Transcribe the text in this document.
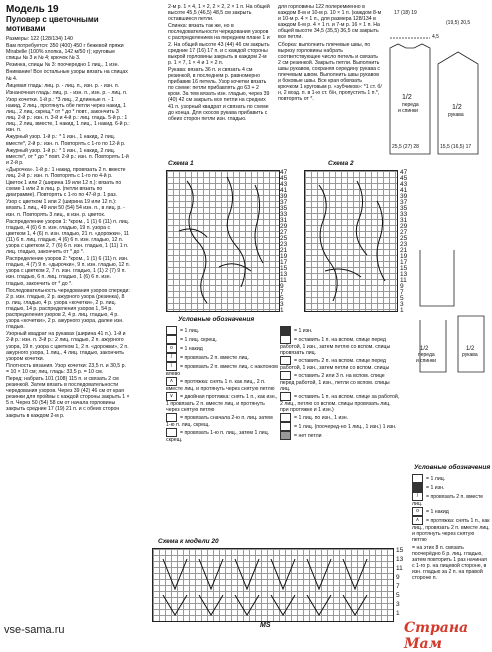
Модель 19
Пуловер с цветочными
мотивами

Размеры: 122 (128/134) 140

Вам потребуется: 350 (400) 450 г бежевой пряжи Mirabelle (100% хлопка, 142 м/50 г); круговые спицы № 3 и № 4; крючок № 3.

Резинка, спицы № 3: поочередно 1 лиц., 1 изн.

Внимание! Все остальные узоры вязать на спицах № 4.

Лицевая гладь: лиц. р. - лиц. п., изн. р. - изн. п.

Изнаночная гладь: лиц. р. - изн. п., изн. р. - лиц. п.

Узор кочетки. 1-й р.: *3 лиц., 2 длинные п. - 1 накид, 2 лиц., протянуть обе петли через накид, 1 лиц., 2 лиц. скрещ.* от * до * повт., закончить 3 лиц. 2-й р.: изн. п. 3-й и 4-й р.: лиц. гладь. 5-й р.: 1 лиц., 2 лиц. вместе, 1 накид, 1 лиц., 1 накид. 6-й р.: изн. п.

Ажурный узор. 1-й р.: * 1 изн., 1 накид, 2 лиц. вместе*, 2-й р.: изн. п. Повторять с 1-го по 12-й р.

Ажурный узор. 1-й р.: * 1 изн., 1 накид, 2 лиц. вместе*, от * до * повт. 2-й р.: изн. п. Повторять 1-й и 2-й р.

«Дырочка». 1-й р.: 1 накид, провязать 2 п. вместе лиц. 2-й р.: изн. п. Повторять с 1-го по 4-й р.

Цветок 1 или 2 (ширина 19 или 12 п.): вязать по схеме 1 или 2 в лиц. р. (петли вязать по диаграмме). Повторять с 1-го по 47-й р. 1 раз.

Узор с цветком 1 или 2 (ширина 19 или 12 п.): вязать 1 лиц., 49 или 50 (54) 54 изн. п., в лиц. р. - изн. п. Повторять 3 лиц., в изн. р. цветок.

Распределение узоров 1: *кром., 1 (1) 6 (11) п. лиц. гладью, 4 (6) 6 п. изн. гладью, 19 п. узора с цветком 1, 4 (6) п. изн. гладью, 21 п. «дорожки», 11 (11) 6 п. лиц. гладью, 4 (6) 6 п. изн. гладью, 12 п. узора с цветком 2, 7 (6) 6 п. изн. гладью, 1 (11) 1 п. лиц. гладью, закончить от * до *.

Распределение узоров 2: *кром., 1 (1) 6 (11) п. изн. гладью, 4 (7) 9 п. «дырочки», 9 п. изн. гладью, 12 п. узора с цветком 2, 7 п. изн. гладью, 1 (1) 2 (7) 9 п. изн. гладью, 6 п. лиц. гладью, 1 (6) 6 п. изн. гладью, закончить от * до *.

Последовательность чередования узоров спереди: 2 р. изн. гладью, 2 р. ажурного узора (резинка), 8 р. лиц. гладью, 4 р. узора «кочетки», 2 р. лиц. гладью, 14 р. распределения узоров 1, 54 р. распределения узоров 2, 4 р. лиц. гладью, 4 р. узора «кочетки», 2 р. ажурного узора, далее изн. гладью.

Узорный квадрат на рукавах (ширина 41 п.). 1-й и 2-й р.: изн. п. 3-й р.: 2 лиц. гладью, 2 п. ажурного узора, 19 п. узора с цветком 1, 2 п. «дорожки», 2 п. ажурного узора, 1 лиц., 4 лиц. гладью, закончить узором кочетки.

Плотность вязания. Узор кочетки: 23,5 п. и 30,5 р. = 10 × 10 см; лиц. гладь: 33,5 р. = 10 см.

Перед: набрать 101 (108) 115 п. и связать 2 см резинкой. Затем вязать в последовательности чередования узоров. Через 39 (42) 46 см от края резинки для проймы с каждой стороны закрыть 1 × 5 п. Через 50 (54) 58 см от начала горловины закрыть средние 17 (19) 21 п. и с обеих сторон закрыть в каждом 2-м р.

2-м р. 1 × 4, 1 × 2, 2 × 2, 2 × 1 п. На общей высоте 45,5 (46,5) 48,5 см закрыть оставшиеся петли.

Спинка: вязать так же, но в последовательности чередования узоров с распределением на переднем плане 1 и 2. На общей высоте 43 (44) 46 см закрыть средние 17 (16) 17 п. и с каждой стороны выкрой горловины закрыть в каждом 2-м р. 1 × 7, 1 × 4 и 1 × 2 п.

Рукава: вязать 36 п. и связать 4 см резинкой, в последнем р. равномерно прибавив 16 петель. Узор кочетки вязать по схеме: петли прибавлять до 63 + 2 кром. За тем вязать изн. гладью, через 39 (40) 42 см закрыть все петли на средних 41 п. узорный квадрат и связать по схеме до конца. Для скосов рукава прибавить с обеих сторон петли изн. гладью.

для горловины 122 полеремиенно в каждом 8-м и 10-м р. 10 × 1 п. (каждом 8-м и 10-м р. 4 × 1 п., для размера 128/134 в каждом 6-м р. 4 × 1 п. и 7-м р. 16 × 1 п. На общей высоте 34,5 (35,5) 36,5 см закрыть все петли.

Сборка: выполнить плечевые швы, по вырезу горловины набрать соответствующее число петель и связать 2 см резинкой. Закрыть петли. Выполнить швы рукавов, сохраняя середину рукава с плечевым швом. Выполнить швы рукавов и боковые швы. Все края обвязать крючком 1 круговым р. «зубчиков»: *1 ст. б/н, 2 возд. п. в 1-ю ст. б/н, пропустить 1 п.*, повторять от *.

17 (18) 19
(19,5) 20,5
4,5
1/2
переда
и спинки	1/2
рукава
25,5 (27) 28	15,5 (16,5) 17
Схема 1
47
45
43
41
39
37
35
33
31
29
27
25
23
21
19
17
15
13
11
9
7
5
3
1
Схема 2
47
45
43
41
39
37
35
33
31
29
27
25
23
21
19
17
15
13
11
9
7
5
3
1
1/2
переда
и спинки
1/2
рукава
Условные обозначения
= 1 лиц.
= 1 лиц. скрещ.
o = 1 накид
/ = провязать 2 п. вместе лиц.
\ = провязать 2 п. вместе лиц. с наклоном влево
∧ = протяжка: снять 1 п. как лиц., 2 п. вместе лиц. и протянуть через снятую петлю
∨ = двойная протяжка: снять 1 п., как изн., 1 провязать 2 п. вместе лиц. и протянуть через снятую петлю
= провязать сначала 2-ю п. лиц. затем 1-ю п. лиц. скрещ.
= провязать 1-ю п. лиц., затем 1 лиц. скрещ.
= 1 изн.
= оставить 1 п. на вспом. спице перед работой, 1 изн., затем петлю со вспом. спицы провязать лиц.
= оставить 2 п. на вспом. спице перед работой, 1 изн., затем петли со вспом. спицы
= оставить 2 или 3 п. на вспом. спице перед работой, 1 изн., петли со вспом. спицы лиц.
= оставить 1 п. на вспом. спице за работой, 2 лиц., петлю со вспом. спицы провязать лиц.
при протяжке и 1 изн.)
= 1 лиц. по изн., 1 изн.
= 1 лиц. (поочеред-но 1 лиц., 1 изн.) 1 изн.
= нет петли
Условные обозначения
= 1 лиц.
= 1 изн.
/ = провязать 2 п. вместе лиц.
o = 1 накид
∧ = протяжка: снять 1 п., как лиц., провязать 2 п. вместе лиц. и протянуть через снятую петлю
= на этих 8 п. связать поочерёдно 6 р. лиц. гладью, затем повторить 1 раз начиная с 1-го р. на лицевой стороне, в изн. гладью за 2 п. на правой стороне п.
Схема к модели 20
MS
15
13
11
9
7
5
3
1
vse-sama.ru	Страна Мам
